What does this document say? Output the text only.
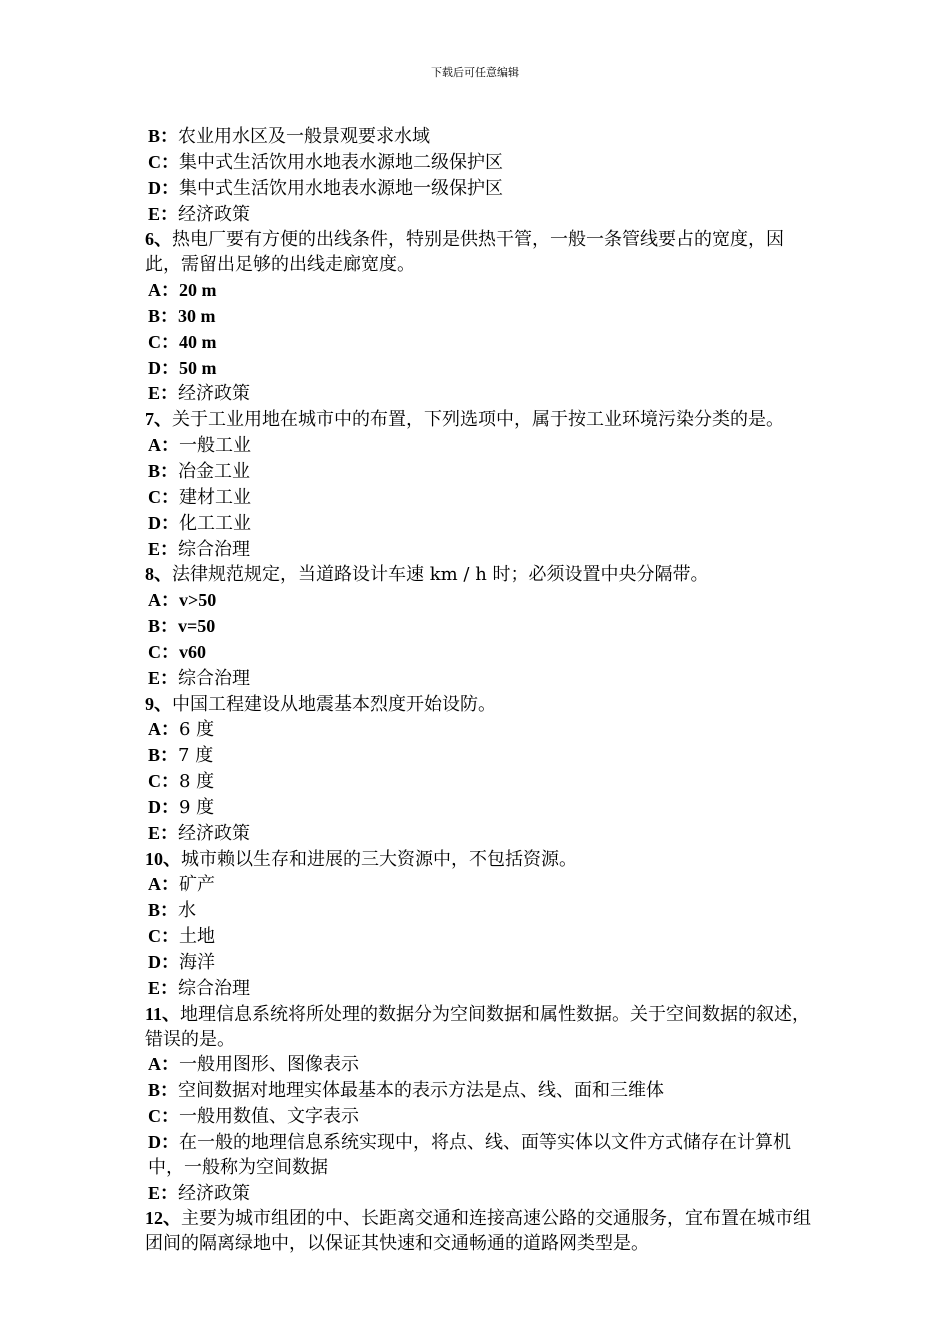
下载后可任意编辑

B：农业用水区及一般景观要求水域

C：集中式生活饮用水地表水源地二级保护区

D：集中式生活饮用水地表水源地一级保护区

E：经济政策

6、热电厂要有方便的出线条件，特别是供热干管，一般一条管线要占的宽度，因此，需留出足够的出线走廊宽度。

A：20 m

B：30 m

C：40 m

D：50 m

E：经济政策

7、关于工业用地在城市中的布置，下列选项中，属于按工业环境污染分类的是。

A：一般工业

B：冶金工业

C：建材工业

D：化工工业

E：综合治理

8、法律规范规定，当道路设计车速 km / h 时；必须设置中央分隔带。

A：v>50

B：v=50

C：v60

E：综合治理

9、中国工程建设从地震基本烈度开始设防。

A：6 度

B：7 度

C：8 度

D：9 度

E：经济政策

10、城市赖以生存和进展的三大资源中，不包括资源。

A：矿产

B：水

C：土地

D：海洋

E：综合治理

11、地理信息系统将所处理的数据分为空间数据和属性数据。关于空间数据的叙述，错误的是。

A：一般用图形、图像表示

B：空间数据对地理实体最基本的表示方法是点、线、面和三维体

C：一般用数值、文字表示

D：在一般的地理信息系统实现中，将点、线、面等实体以文件方式储存在计算机中，一般称为空间数据

E：经济政策

12、主要为城市组团的中、长距离交通和连接高速公路的交通服务，宜布置在城市组团间的隔离绿地中，以保证其快速和交通畅通的道路网类型是。
